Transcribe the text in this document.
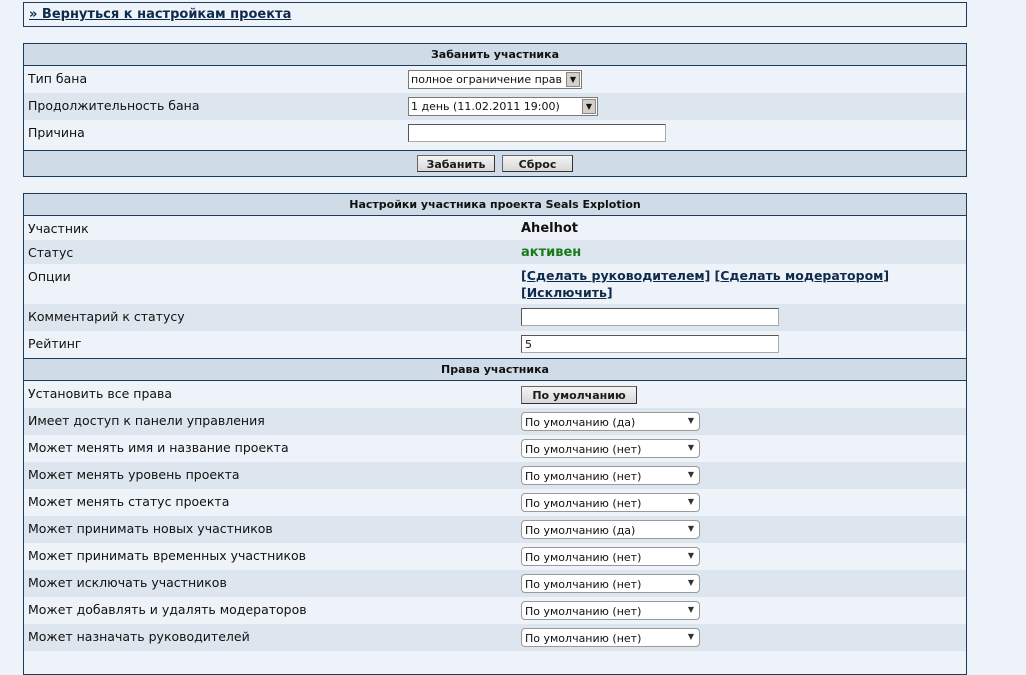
» Вернуться к настройкам проекта
Забанить участника
Тип бана	полное ограничение прав ▼
Продолжительность бана	1 день (11.02.2011 19:00)	▼
Причина
Забанить	Сброс
Настройки участника проекта Seals Explotion
Участник	Ahelhot
Статус	активен
Опции	[Сделать руководителем] [Сделать модератором]
[Исключить]
Комментарий к статусу
Рейтинг	5
Права участника
Установить все права	По умолчанию
Имеет доступ к панели управления	По умолчанию (да)	▼
Может менять имя и название проекта	По умолчанию (нет)	▼
Может менять уровень проекта	По умолчанию (нет)	▼
Может менять статус проекта	По умолчанию (нет)	▼
Может принимать новых участников	По умолчанию (да)	▼
Может принимать временных участников	По умолчанию (нет)	▼
Может исключать участников	По умолчанию (нет)	▼
Может добавлять и удалять модераторов	По умолчанию (нет)	▼
Может назначать руководителей	По умолчанию (нет)	▼
